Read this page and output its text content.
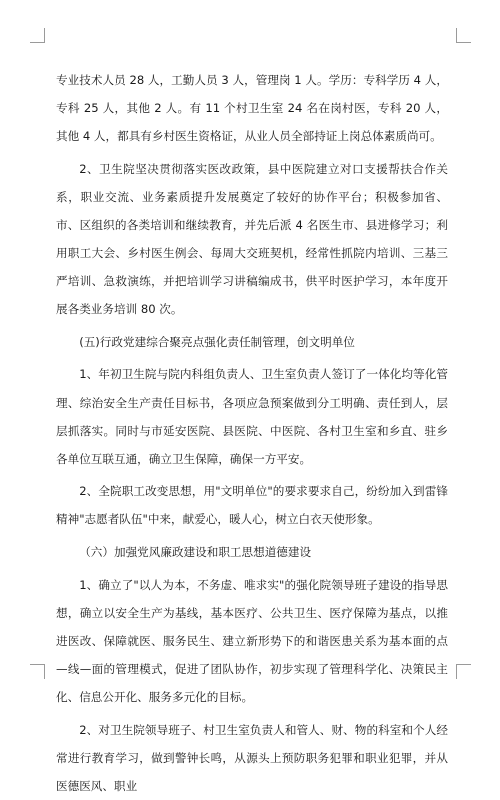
专业技术人员 28 人，工勤人员 3 人，管理岗 1 人。学历：专科学历 4 人，专科 25 人，其他 2 人。有 11 个村卫生室 24 名在岗村医，专科 20 人，其他 4 人，都具有乡村医生资格证，从业人员全部持证上岗总体素质尚可。

2、卫生院坚决贯彻落实医改政策，县中医院建立对口支援帮扶合作关系，职业交流、业务素质提升发展奠定了较好的协作平台；积极参加省、市、区组织的各类培训和继续教育，并先后派 4 名医生市、县进修学习；利用职工大会、乡村医生例会、每周大交班契机，经常性抓院内培训、三基三严培训、急救演练，并把培训学习讲稿编成书，供平时医护学习，本年度开展各类业务培训 80 次。

(五)行政党建综合聚亮点强化责任制管理，创文明单位

1、年初卫生院与院内科组负责人、卫生室负责人签订了一体化均等化管理、综治安全生产责任目标书，各项应急预案做到分工明确、责任到人，层层抓落实。同时与市延安医院、县医院、中医院、各村卫生室和乡直、驻乡各单位互联互通，确立卫生保障，确保一方平安。

2、全院职工改变思想，用"文明单位"的要求要求自己，纷纷加入到雷锋精神"志愿者队伍"中来，献爱心，暖人心，树立白衣天使形象。

（六）加强党风廉政建设和职工思想道德建设

1、确立了"以人为本，不务虚、唯求实"的强化院领导班子建设的指导思想，确立以安全生产为基线，基本医疗、公共卫生、医疗保障为基点，以推进医改、保障就医、服务民生、建立新形势下的和谐医患关系为基本面的点—线—面的管理模式，促进了团队协作，初步实现了管理科学化、决策民主化、信息公开化、服务多元化的目标。

2、对卫生院领导班子、村卫生室负责人和管人、财、物的科室和个人经常进行教育学习，做到警钟长鸣，从源头上预防职务犯罪和职业犯罪，并从医德医风、职业
